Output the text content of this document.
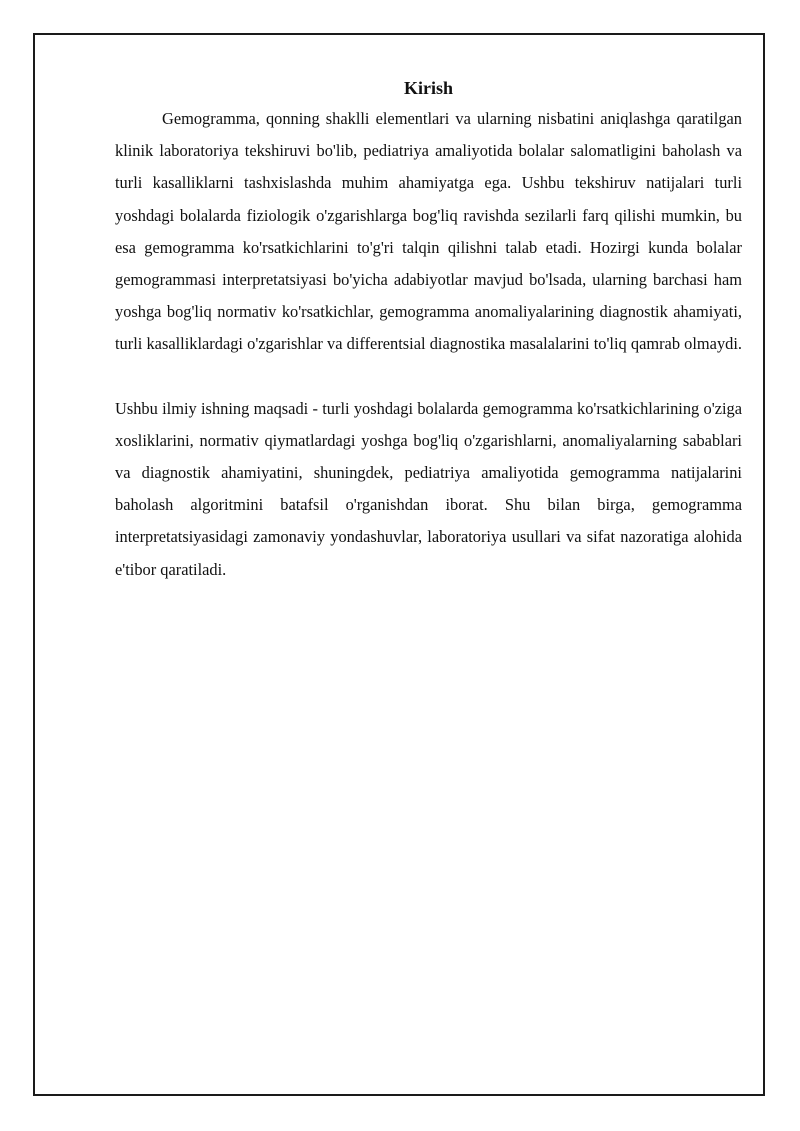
Kirish

Gemogramma, qonning shaklli elementlari va ularning nisbatini aniqlashga qaratilgan klinik laboratoriya tekshiruvi bo'lib, pediatriya amaliyotida bolalar salomatligini baholash va turli kasalliklarni tashxislashda muhim ahamiyatga ega. Ushbu tekshiruv natijalari turli yoshdagi bolalarda fiziologik o'zgarishlarga bog'liq ravishda sezilarli farq qilishi mumkin, bu esa gemogramma ko'rsatkichlarini to'g'ri talqin qilishni talab etadi. Hozirgi kunda bolalar gemogrammasi interpretatsiyasi bo'yicha adabiyotlar mavjud bo'lsada, ularning barchasi ham yoshga bog'liq normativ ko'rsatkichlar, gemogramma anomaliyalarining diagnostik ahamiyati, turli kasalliklardagi o'zgarishlar va differentsial diagnostika masalalarini to'liq qamrab olmaydi.

Ushbu ilmiy ishning maqsadi - turli yoshdagi bolalarda gemogramma ko'rsatkichlarining o'ziga xosliklarini, normativ qiymatlardagi yoshga bog'liq o'zgarishlarni, anomaliyalarning sabablari va diagnostik ahamiyatini, shuningdek, pediatriya amaliyotida gemogramma natijalarini baholash algoritmini batafsil o'rganishdan iborat. Shu bilan birga, gemogramma interpretatsiyasidagi zamonaviy yondashuvlar, laboratoriya usullari va sifat nazoratiga alohida e'tibor qaratiladi.
